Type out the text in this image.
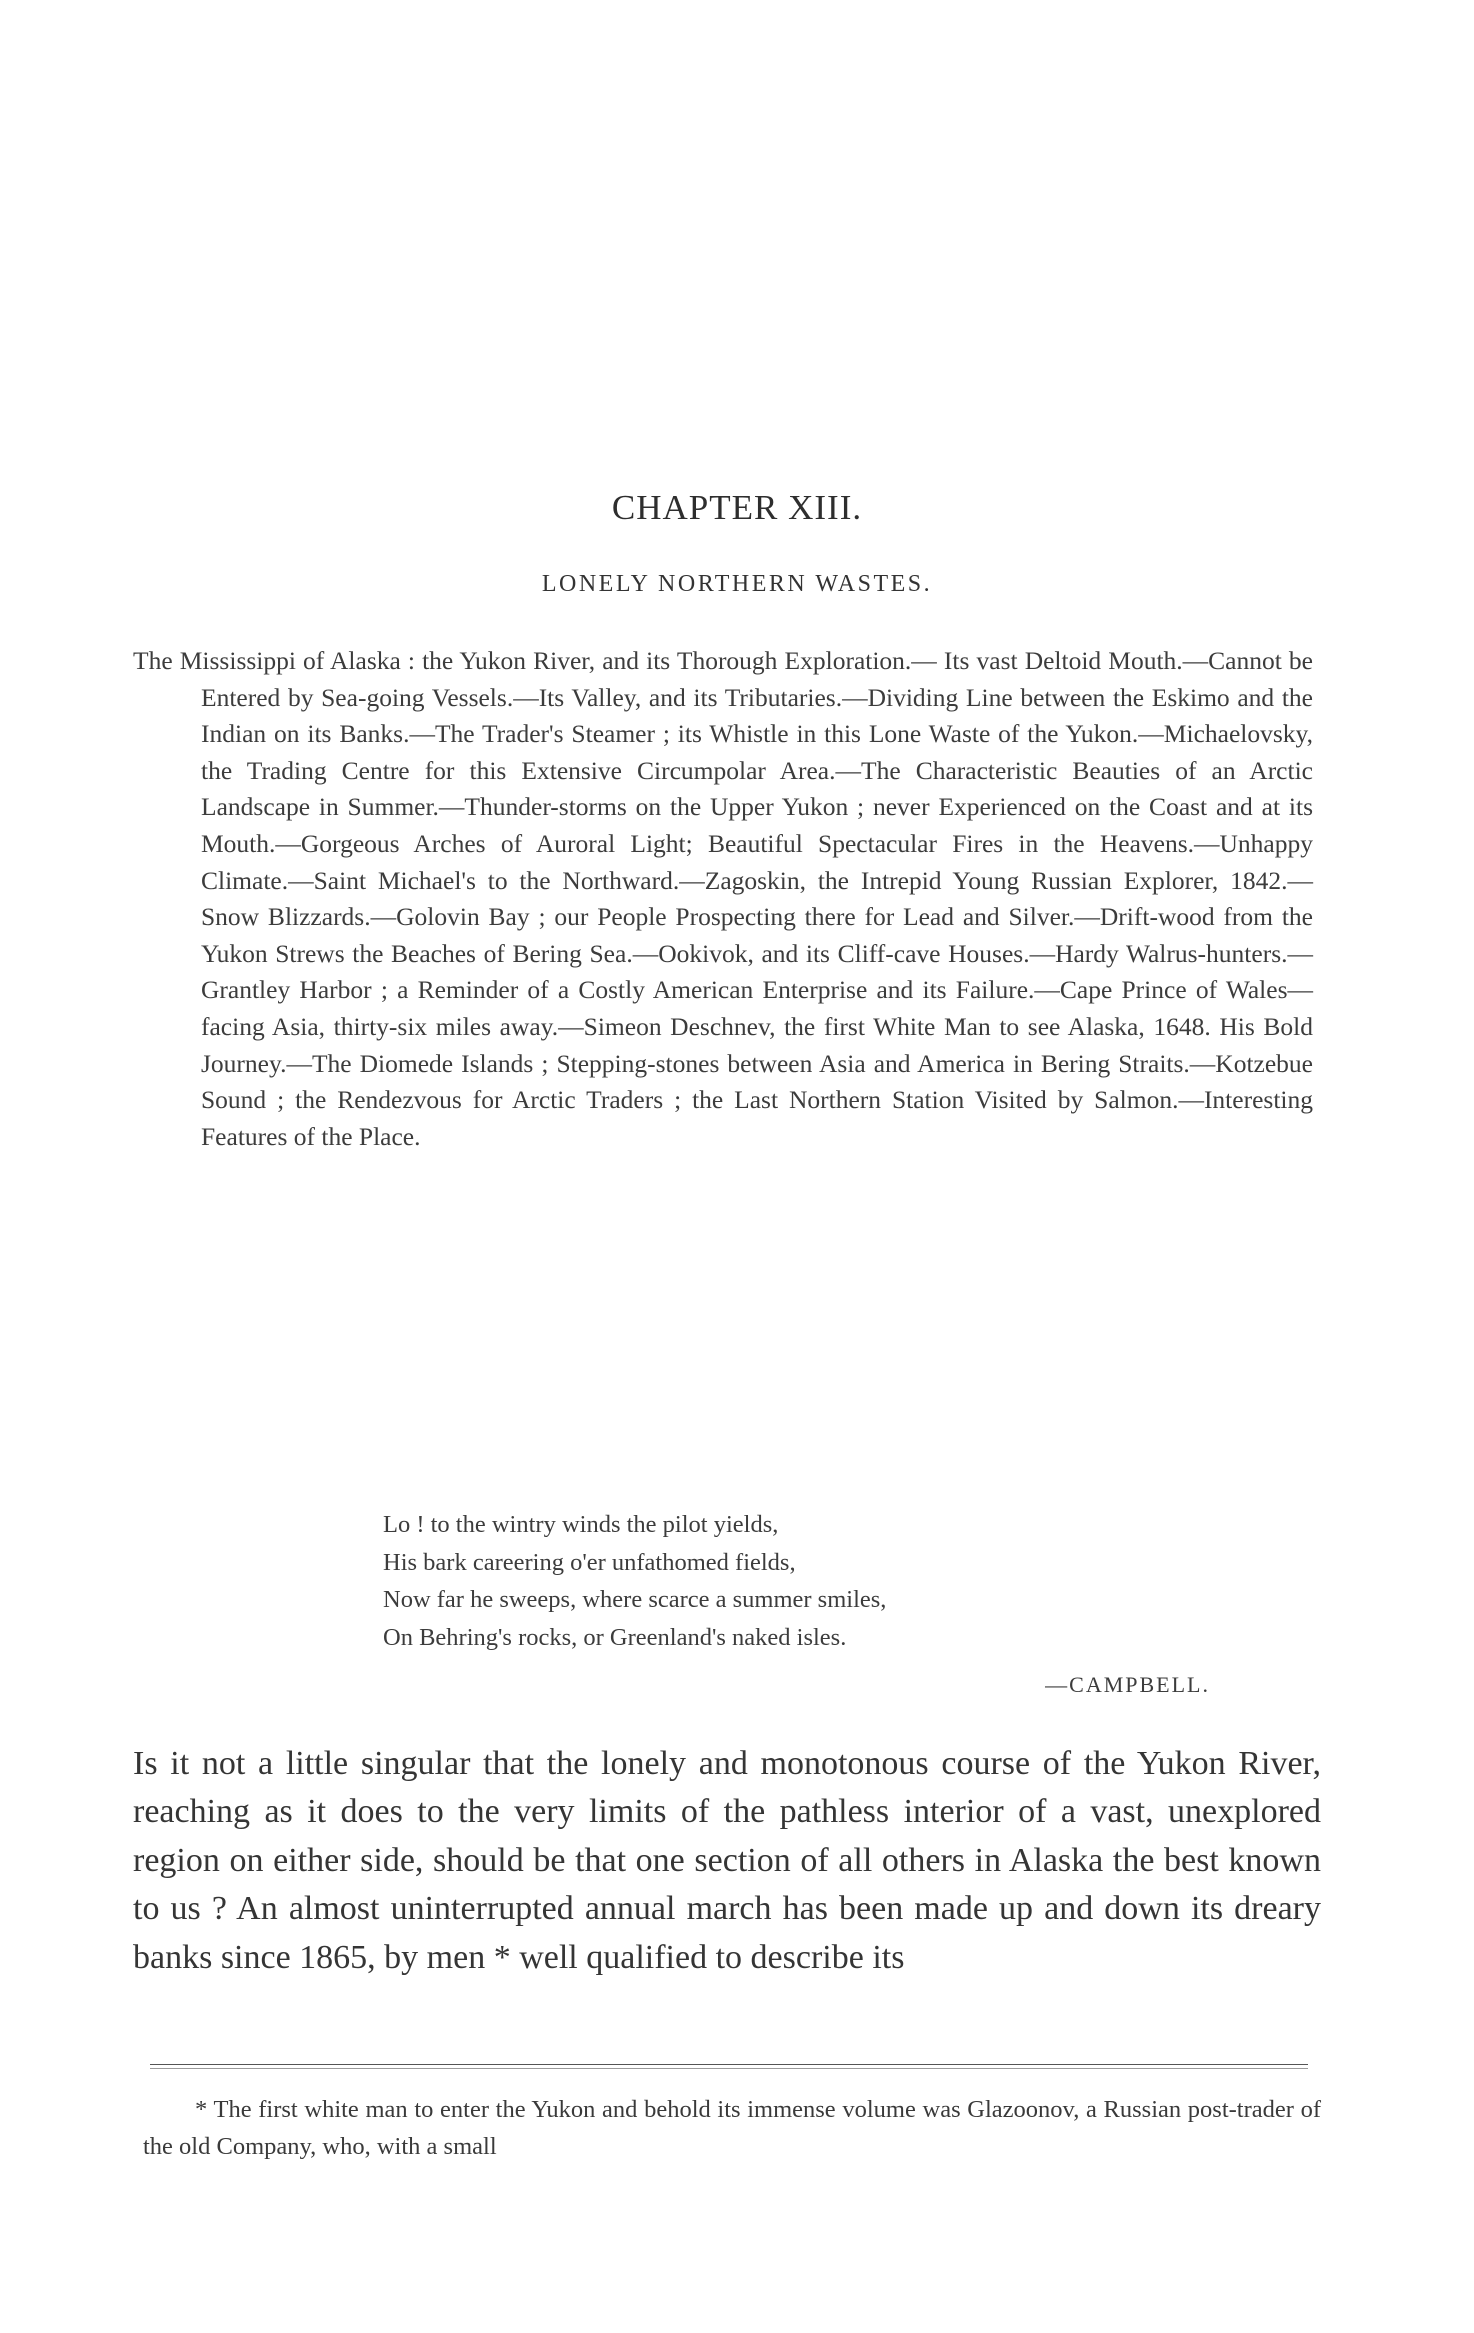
CHAPTER XIII.
LONELY NORTHERN WASTES.
The Mississippi of Alaska : the Yukon River, and its Thorough Exploration.— Its vast Deltoid Mouth.—Cannot be Entered by Sea-going Vessels.—Its Valley, and its Tributaries.—Dividing Line between the Eskimo and the Indian on its Banks.—The Trader's Steamer ; its Whistle in this Lone Waste of the Yukon.—Michaelovsky, the Trading Centre for this Extensive Circumpolar Area.—The Characteristic Beauties of an Arctic Landscape in Summer.—Thunder-storms on the Upper Yukon ; never Experienced on the Coast and at its Mouth.—Gorgeous Arches of Auroral Light; Beautiful Spectacular Fires in the Heavens.—Unhappy Climate.—Saint Michael's to the Northward.—Zagoskin, the Intrepid Young Russian Explorer, 1842.—Snow Blizzards.—Golovin Bay ; our People Prospecting there for Lead and Silver.—Drift-wood from the Yukon Strews the Beaches of Bering Sea.—Ookivok, and its Cliff-cave Houses.—Hardy Walrus-hunters.—Grantley Harbor ; a Reminder of a Costly American Enterprise and its Failure.—Cape Prince of Wales—facing Asia, thirty-six miles away.—Simeon Deschnev, the first White Man to see Alaska, 1648. His Bold Journey.—The Diomede Islands ; Stepping-stones between Asia and America in Bering Straits.—Kotzebue Sound ; the Rendezvous for Arctic Traders ; the Last Northern Station Visited by Salmon.—Interesting Features of the Place.
Lo ! to the wintry winds the pilot yields,
His bark careering o'er unfathomed fields,
Now far he sweeps, where scarce a summer smiles,
On Behring's rocks, or Greenland's naked isles.
—CAMPBELL.
Is it not a little singular that the lonely and monotonous course of the Yukon River, reaching as it does to the very limits of the pathless interior of a vast, unexplored region on either side, should be that one section of all others in Alaska the best known to us ? An almost uninterrupted annual march has been made up and down its dreary banks since 1865, by men * well qualified to describe its
* The first white man to enter the Yukon and behold its immense volume was Glazoonov, a Russian post-trader of the old Company, who, with a small
